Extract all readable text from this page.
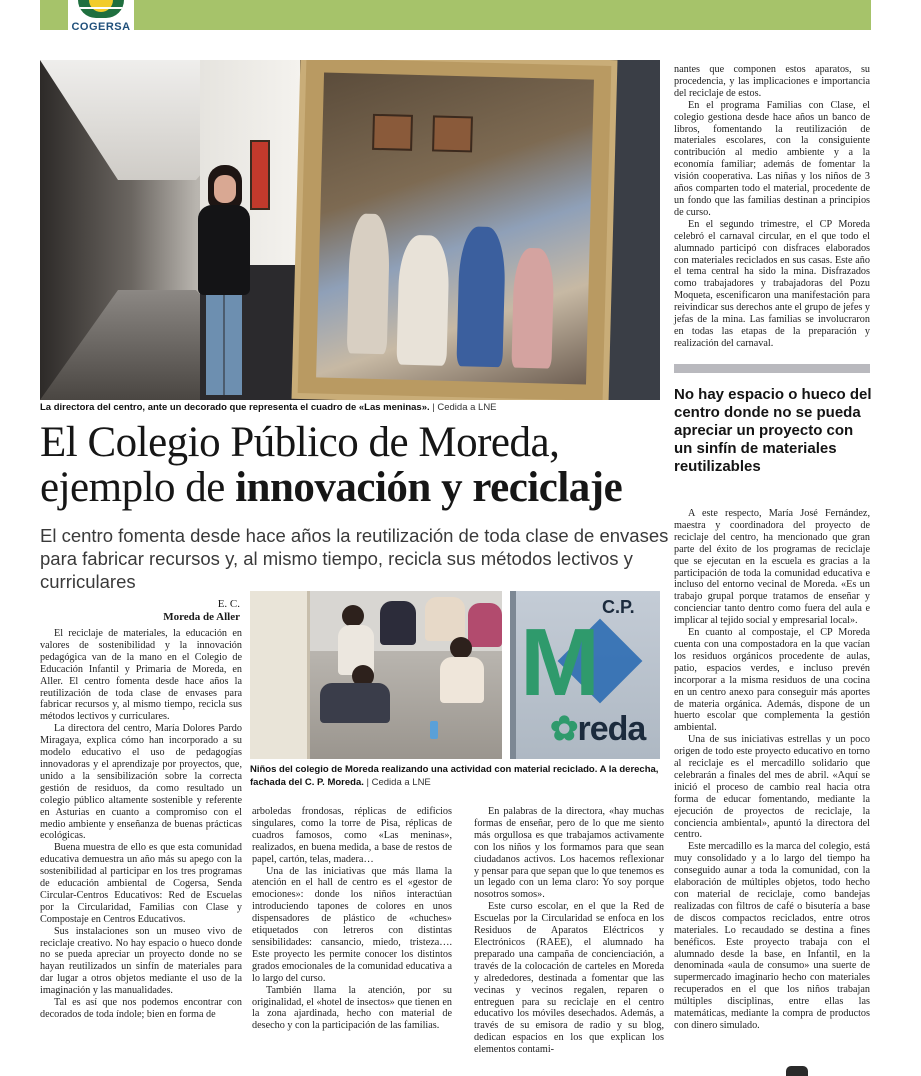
COGERSA
La directora del centro, ante un decorado que representa el cuadro de «Las meninas». | Cedida a LNE
El Colegio Público de Moreda,
ejemplo de innovación y reciclaje
El centro fomenta desde hace años la reutilización de toda clase de envases para fabricar recursos y, al mismo tiempo, recicla sus métodos lectivos y curriculares
E. C.
Moreda de Aller

El reciclaje de materiales, la educación en valores de sostenibilidad y la innovación pedagógica van de la mano en el Colegio de Educación Infantil y Primaria de Moreda, en Aller. El centro fomenta desde hace años la reutilización de toda clase de envases para fabricar recursos y, al mismo tiempo, recicla sus métodos lectivos y curriculares.

La directora del centro, María Dolores Pardo Miragaya, explica cómo han incorporado a su modelo educativo el uso de pedagogías innovadoras y el aprendizaje por proyectos, que, unido a la sensibilización sobre la correcta gestión de residuos, da como resultado un colegio público altamente sostenible y referente en Asturias en cuanto a compromiso con el medio ambiente y enseñanza de buenas prácticas ecológicas.

Buena muestra de ello es que esta comunidad educativa demuestra un año más su apego con la sostenibilidad al participar en los tres programas de educación ambiental de Cogersa, Senda Circular-Centros Educativos: Red de Escuelas por la Circularidad, Familias con Clase y Compostaje en Centros Educativos.

Sus instalaciones son un museo vivo de reciclaje creativo. No hay espacio o hueco donde no se pueda apreciar un proyecto donde no se hayan reutilizados un sinfín de materiales para dar lugar a otros objetos mediante el uso de la imaginación y las manualidades.

Tal es así que nos podemos encontrar con decorados de toda índole; bien en forma de

M
C.P.
✿reda
Niños del colegio de Moreda realizando una actividad con material reciclado. A la derecha, fachada del C. P. Moreda. | Cedida a LNE

arboledas frondosas, réplicas de edificios singulares, como la torre de Pisa, réplicas de cuadros famosos, como «Las meninas», realizados, en buena medida, a base de restos de papel, cartón, telas, madera…

Una de las iniciativas que más llama la atención en el hall de centro es el «gestor de emociones»: donde los niños interactúan introduciendo tapones de colores en unos dispensadores de plástico de «chuches» etiquetados con letreros con distintas sensibilidades: cansancio, miedo, tristeza…. Este proyecto les permite conocer los distintos grados emocionales de la comunidad educativa a lo largo del curso.

También llama la atención, por su originalidad, el «hotel de insectos» que tienen en la zona ajardinada, hecho con material de desecho y con la participación de las familias.

En palabras de la directora, «hay muchas formas de enseñar, pero de lo que me siento más orgullosa es que trabajamos activamente con los niños y los formamos para que sean ciudadanos activos. Los hacemos reflexionar y pensar para que sepan que lo que tenemos es un legado con un lema claro: Yo soy porque nosotros somos».

Este curso escolar, en el que la Red de Escuelas por la Circularidad se enfoca en los Residuos de Aparatos Eléctricos y Electrónicos (RAEE), el alumnado ha preparado una campaña de concienciación, a través de la colocación de carteles en Moreda y alrededores, destinada a fomentar que las vecinas y vecinos regalen, reparen o entreguen para su reciclaje en el centro educativo los móviles desechados. Además, a través de su emisora de radio y su blog, dedican espacios en los que explican los elementos contami-

nantes que componen estos aparatos, su procedencia, y las implicaciones e importancia del reciclaje de estos.

En el programa Familias con Clase, el colegio gestiona desde hace años un banco de libros, fomentando la reutilización de materiales escolares, con la consiguiente contribución al medio ambiente y a la economía familiar; además de fomentar la visión cooperativa. Las niñas y los niños de 3 años comparten todo el material, procedente de un fondo que las familias destinan a principios de curso.

En el segundo trimestre, el CP Moreda celebró el carnaval circular, en el que todo el alumnado participó con disfraces elaborados con materiales reciclados en sus casas. Este año el tema central ha sido la mina. Disfrazados como trabajadores y trabajadoras del Pozu Moqueta, escenificaron una manifestación para reivindicar sus derechos ante el grupo de jefes y jefas de la mina. Las familias se involucraron en todas las etapas de la preparación y realización del carnaval.

No hay espacio o hueco del centro donde no se pueda apreciar un proyecto con un sinfín de materiales reutilizables

A este respecto, María José Fernández, maestra y coordinadora del proyecto de reciclaje del centro, ha mencionado que gran parte del éxito de los programas de reciclaje que se ejecutan en la escuela es gracias a la participación de toda la comunidad educativa e incluso del entorno vecinal de Moreda. «Es un trabajo grupal porque tratamos de enseñar y concienciar tanto dentro como fuera del aula e implicar al tejido social y empresarial local».

En cuanto al compostaje, el CP Moreda cuenta con una compostadora en la que vacían los residuos orgánicos procedente de aulas, patio, espacios verdes, e incluso prevén incorporar a la misma residuos de una cocina en un centro anexo para conseguir más aportes de materia orgánica. Además, dispone de un huerto escolar que complementa la gestión ambiental.

Una de sus iniciativas estrellas y un poco origen de todo este proyecto educativo en torno al reciclaje es el mercadillo solidario que celebrarán a finales del mes de abril. «Aquí se inició el proceso de cambio real hacia otra forma de educar fomentando, mediante la ejecución de proyectos de reciclaje, la conciencia ambiental», apuntó la directora del centro.

Este mercadillo es la marca del colegio, está muy consolidado y a lo largo del tiempo ha conseguido aunar a toda la comunidad, con la elaboración de múltiples objetos, todo hecho con material de reciclaje, como bandejas realizadas con filtros de café o bisutería a base de discos compactos reciclados, entre otros materiales. Lo recaudado se destina a fines benéficos. Este proyecto trabaja con el alumnado desde la base, en Infantil, en la denominada «aula de consumo» una suerte de supermercado imaginario hecho con materiales recuperados en el que los niños trabajan múltiples disciplinas, entre ellas las matemáticas, mediante la compra de productos con dinero simulado.
